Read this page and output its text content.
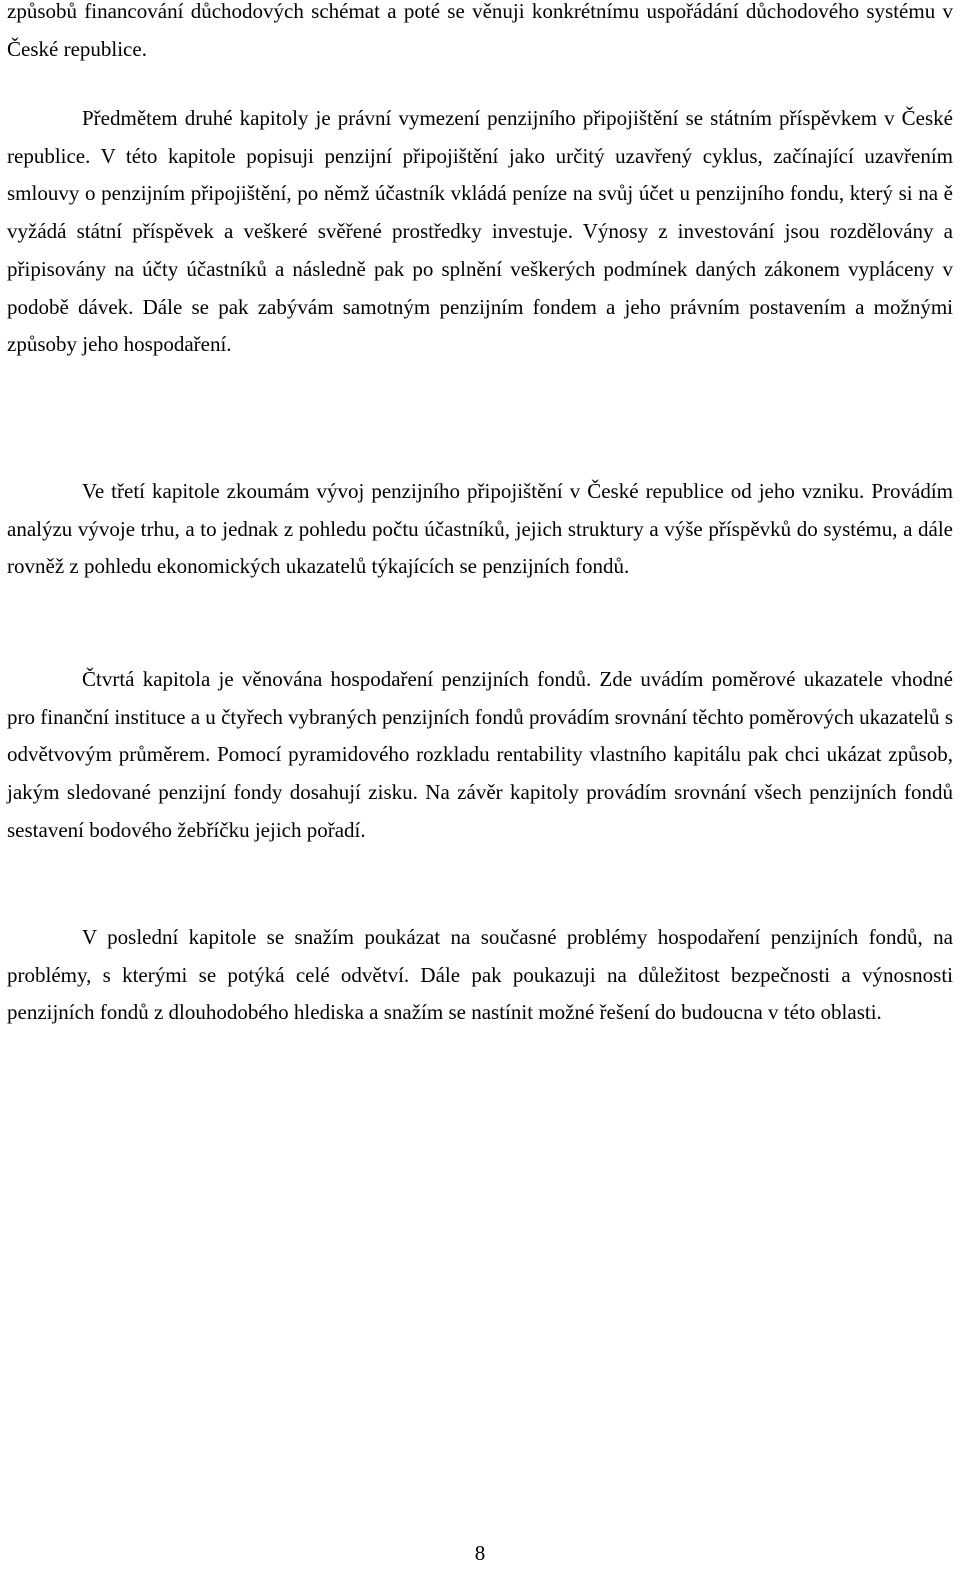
způsobů financování důchodových schémat a poté se věnuji konkrétnímu uspořádání důchodového systému v České republice.

Předmětem druhé kapitoly je právní vymezení penzijního připojištění se státním příspěvkem v České republice. V této kapitole popisuji penzijní připojištění jako určitý uzavřený cyklus, začínající uzavřením smlouvy o penzijním připojištění, po němž účastník vkládá peníze na svůj účet u penzijního fondu, který si na ě vyžádá státní příspěvek a veškeré svěřené prostředky investuje. Výnosy z investování jsou rozdělovány a připisovány na účty účastníků a následně pak po splnění veškerých podmínek daných zákonem vypláceny v podobě dávek. Dále se pak zabývám samotným penzijním fondem a jeho právním postavením a možnými způsoby jeho hospodaření.

Ve třetí kapitole zkoumám vývoj penzijního připojištění v České republice od jeho vzniku. Provádím analýzu vývoje trhu, a to jednak z pohledu počtu účastníků, jejich struktury a výše příspěvků do systému, a dále rovněž z pohledu ekonomických ukazatelů týkajících se penzijních fondů.

Čtvrtá kapitola je věnována hospodaření penzijních fondů. Zde uvádím poměrové ukazatele vhodné pro finanční instituce a u čtyřech vybraných penzijních fondů provádím srovnání těchto poměrových ukazatelů s odvětvovým průměrem. Pomocí pyramidového rozkladu rentability vlastního kapitálu pak chci ukázat způsob, jakým sledované penzijní fondy dosahují zisku. Na závěr kapitoly provádím srovnání všech penzijních fondů sestavení bodového žebříčku jejich pořadí.

V poslední kapitole se snažím poukázat na současné problémy hospodaření penzijních fondů, na problémy, s kterými se potýká celé odvětví. Dále pak poukazuji na důležitost bezpečnosti a výnosnosti penzijních fondů z dlouhodobého hlediska a snažím se nastínit možné řešení do budoucna v této oblasti.

8
